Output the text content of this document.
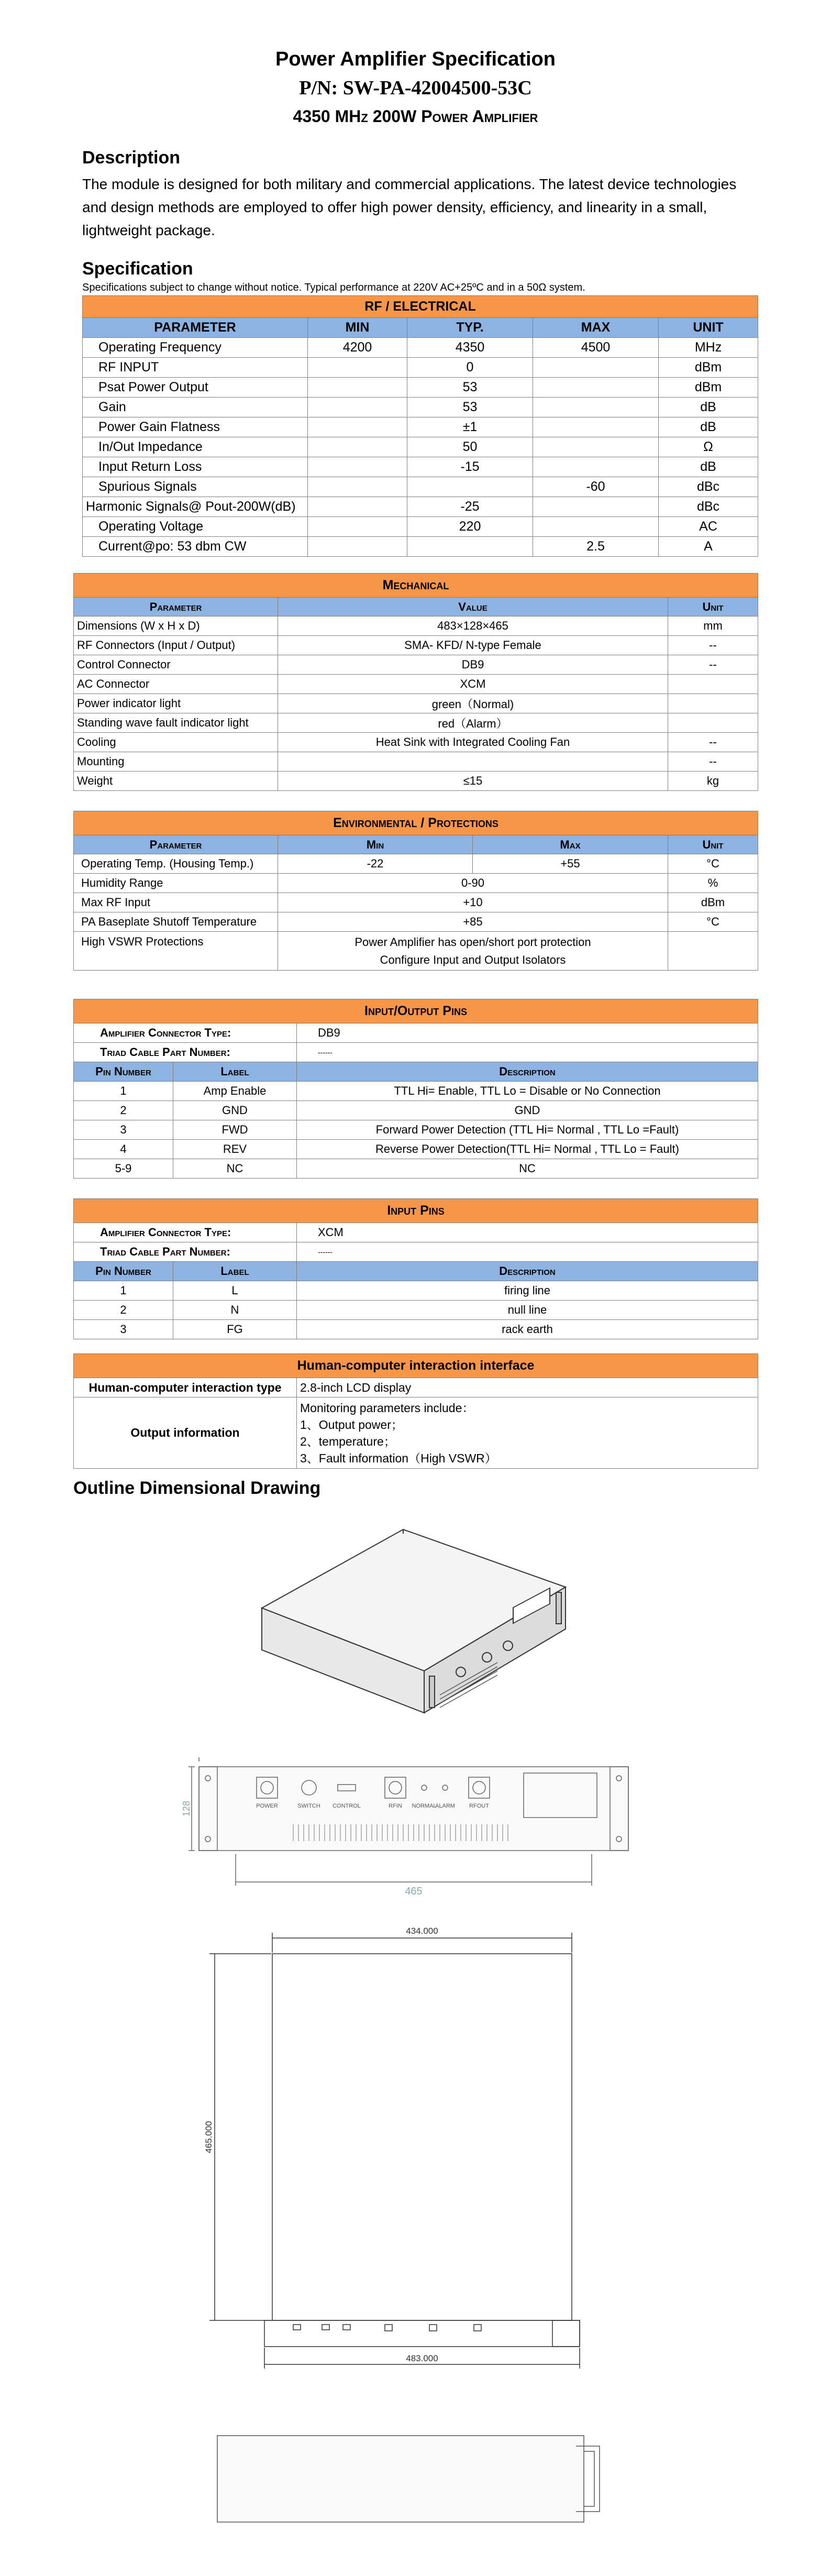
Power Amplifier Specification
P/N: SW-PA-42004500-53C
4350 MHz 200W Power Amplifier
Description
The module is designed for both military and commercial applications. The latest device technologies and design methods are employed to offer high power density, efficiency, and linearity in a small, lightweight package.
Specification
Specifications subject to change without notice. Typical performance at 220V AC+25ºC and in a 50Ω system.
RF / ELECTRICAL				
PARAMETER	MIN	TYP.	MAX	UNIT
Operating Frequency	4200	4350	4500	MHz
RF INPUT		0		dBm
Psat Power Output		53		dBm
Gain		53		dB
Power Gain Flatness		±1		dB
In/Out Impedance		50		Ω
Input Return Loss		-15		dB
Spurious Signals			-60	dBc
Harmonic Signals@ Pout-200W(dB)		-25		dBc
Operating Voltage		220		AC
Current@po: 53 dbm CW			2.5	A
Mechanical		
Parameter	Value	Unit
Dimensions (W x H x D)	483×128×465	mm
RF Connectors (Input / Output)	SMA- KFD/ N-type Female	--
Control Connector	DB9	--
AC Connector	XCM	
Power indicator light	green（Normal)	
Standing wave fault indicator light	red（Alarm）	
Cooling	Heat Sink with Integrated Cooling Fan	--
Mounting		--
Weight	≤15	kg
Environmental / Protections			
Parameter	Min	Max	Unit
Operating Temp. (Housing Temp.)	-22	+55	°C
Humidity Range	0-90		%
Max RF Input	+10		dBm
PA Baseplate Shutoff Temperature	+85		°C
High VSWR Protections	Power Amplifier has open/short port protection
Configure Input and Output Isolators		

Input/Output Pins		
Amplifier Connector Type:		DB9
Triad Cable Part Number:		------
Pin Number	Label	Description
1	Amp Enable	TTL Hi= Enable, TTL Lo = Disable or No Connection
2	GND	GND
3	FWD	Forward Power Detection (TTL Hi= Normal , TTL Lo =Fault)
4	REV	Reverse Power Detection(TTL Hi= Normal , TTL Lo = Fault)
5-9	NC	NC
Input Pins		
Amplifier Connector Type:		XCM
Triad Cable Part Number:		------
Pin Number	Label	Description
1	L	firing line
2	N	null line
3	FG	rack earth
Human-computer interaction interface	
Human-computer interaction type	2.8-inch LCD display
Output information	Monitoring parameters include：
1、Output power；
2、temperature；
3、Fault information（High VSWR）
Outline Dimensional Drawing
POWER	SWITCH CONTROL	RFIN NORMAL
ALARM RFOUT
128
465
434.000
465.000
483.000
